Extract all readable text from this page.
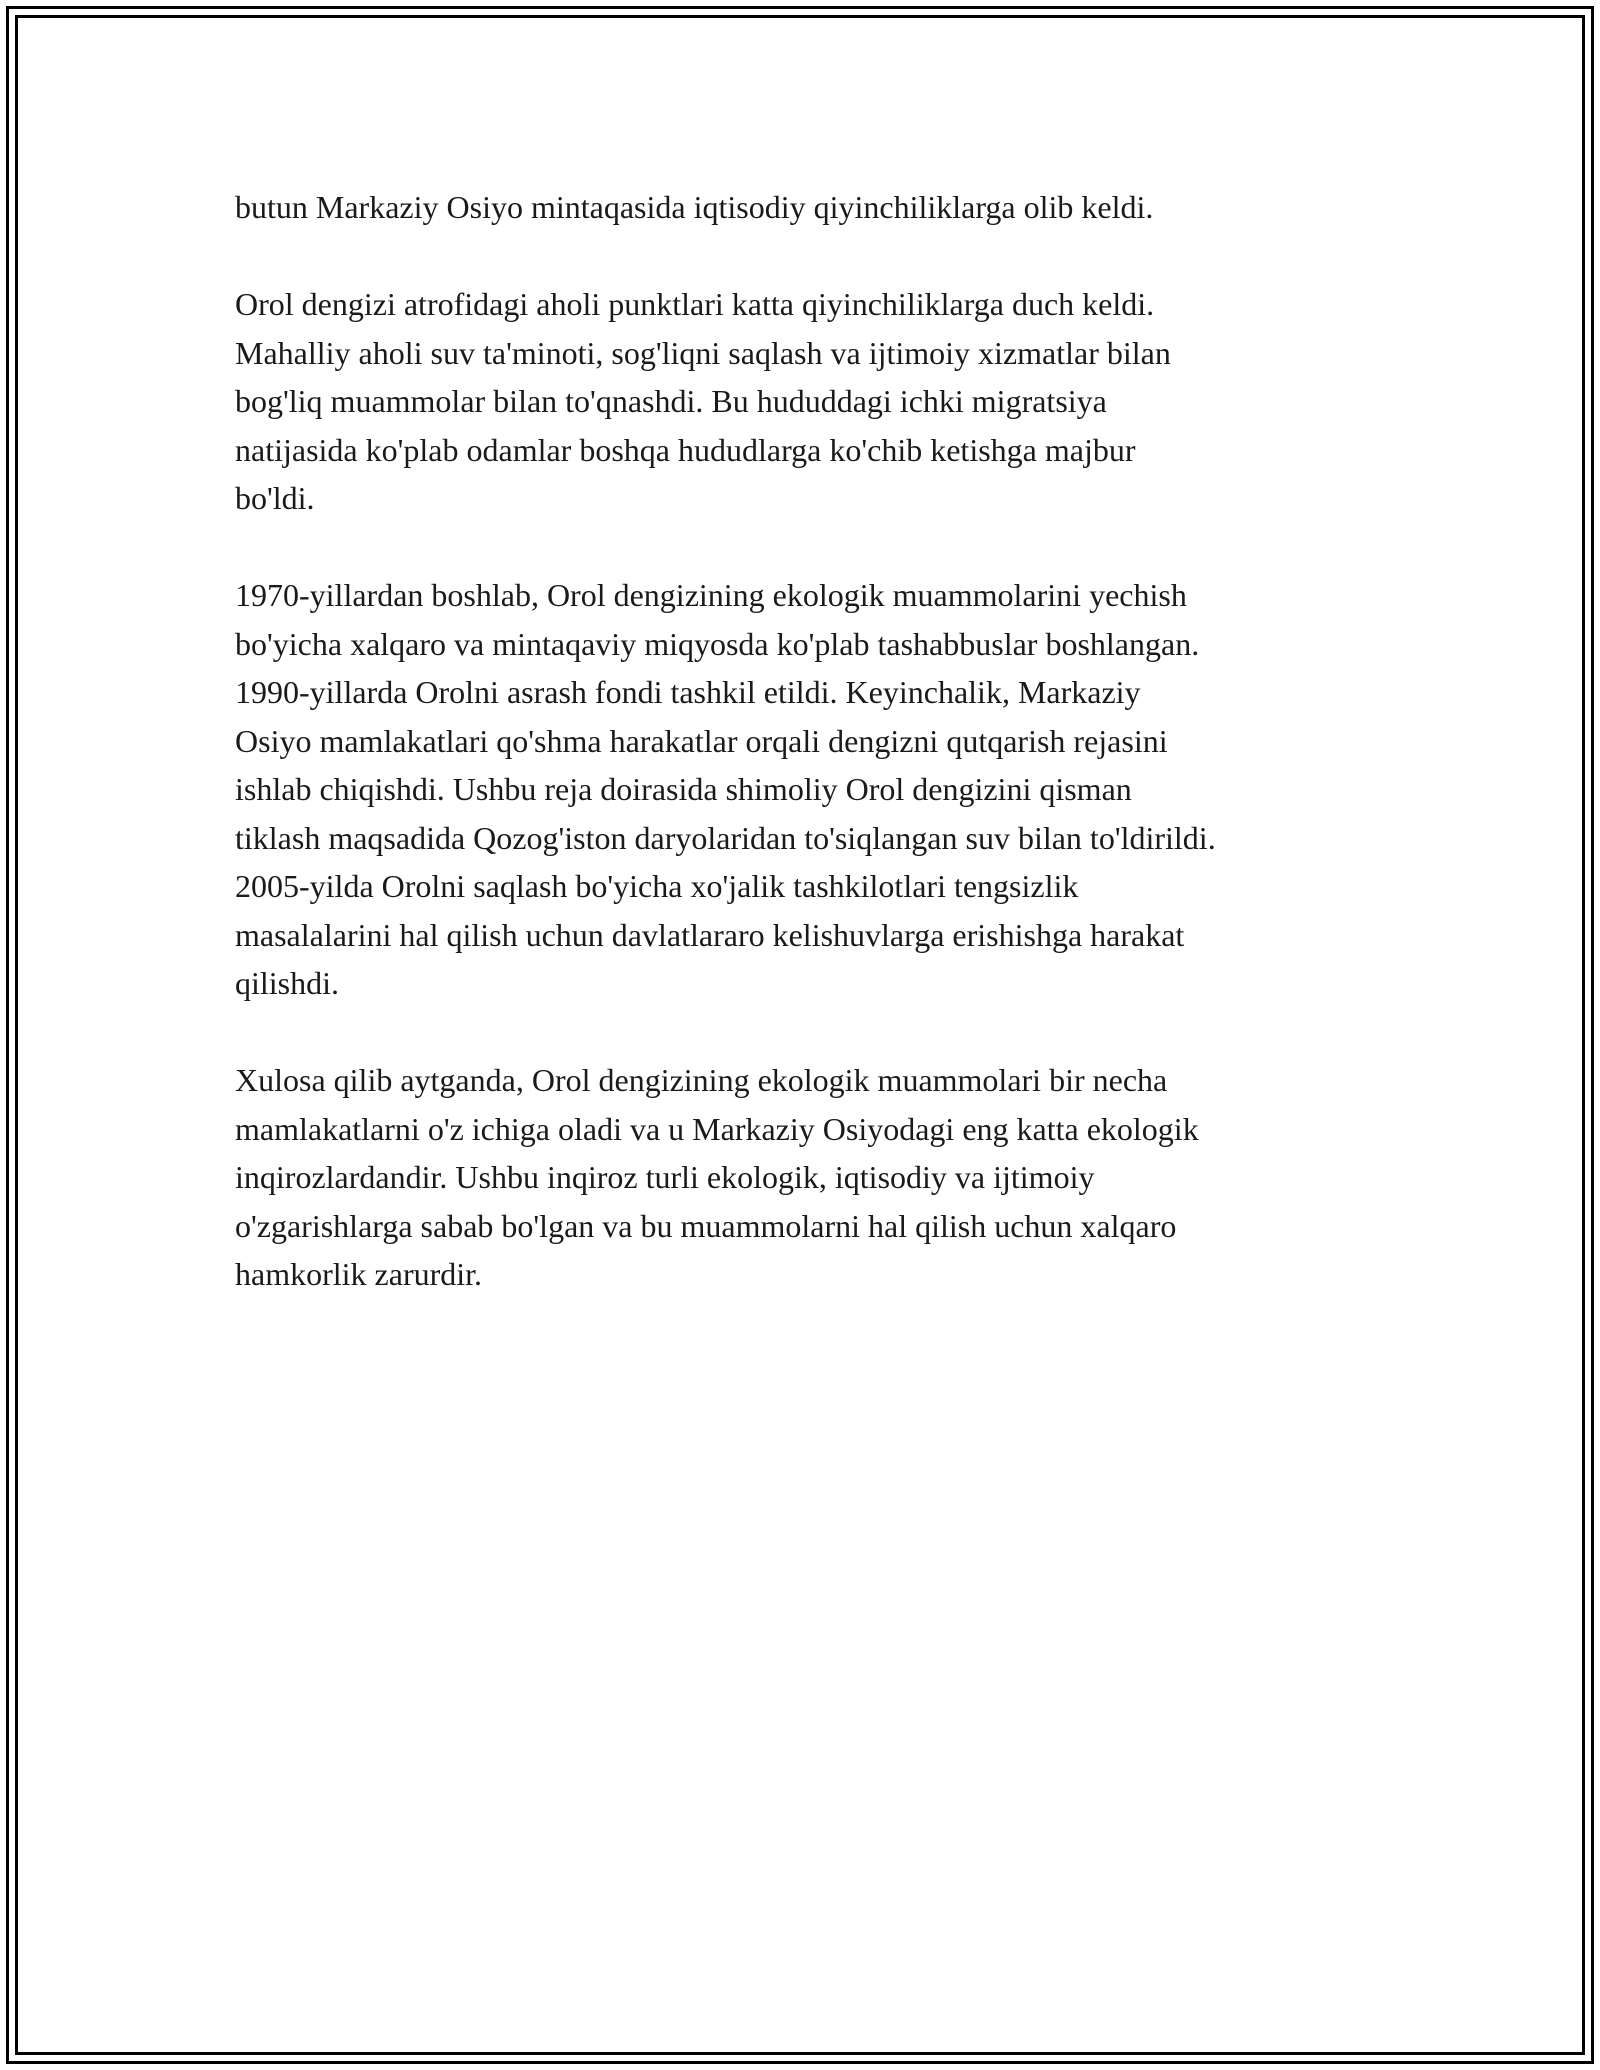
butun Markaziy Osiyo mintaqasida iqtisodiy qiyinchiliklarga olib keldi.
Orol dengizi atrofidagi aholi punktlari katta qiyinchiliklarga duch keldi.
Mahalliy aholi suv ta'minoti, sog'liqni saqlash va ijtimoiy xizmatlar bilan
bog'liq muammolar bilan to'qnashdi. Bu hududdagi ichki migratsiya
natijasida ko'plab odamlar boshqa hududlarga ko'chib ketishga majbur
bo'ldi.
1970-yillardan boshlab, Orol dengizining ekologik muammolarini yechish
bo'yicha xalqaro va mintaqaviy miqyosda ko'plab tashabbuslar boshlangan.
1990-yillarda Orolni asrash fondi tashkil etildi. Keyinchalik, Markaziy
Osiyo mamlakatlari qo'shma harakatlar orqali dengizni qutqarish rejasini
ishlab chiqishdi. Ushbu reja doirasida shimoliy Orol dengizini qisman
tiklash maqsadida Qozog'iston daryolaridan to'siqlangan suv bilan to'ldirildi.
2005-yilda Orolni saqlash bo'yicha xo'jalik tashkilotlari tengsizlik
masalalarini hal qilish uchun davlatlararo kelishuvlarga erishishga harakat
qilishdi.
Xulosa qilib aytganda, Orol dengizining ekologik muammolari bir necha
mamlakatlarni o'z ichiga oladi va u Markaziy Osiyodagi eng katta ekologik
inqirozlardandir. Ushbu inqiroz turli ekologik, iqtisodiy va ijtimoiy
o'zgarishlarga sabab bo'lgan va bu muammolarni hal qilish uchun xalqaro
hamkorlik zarurdir.
